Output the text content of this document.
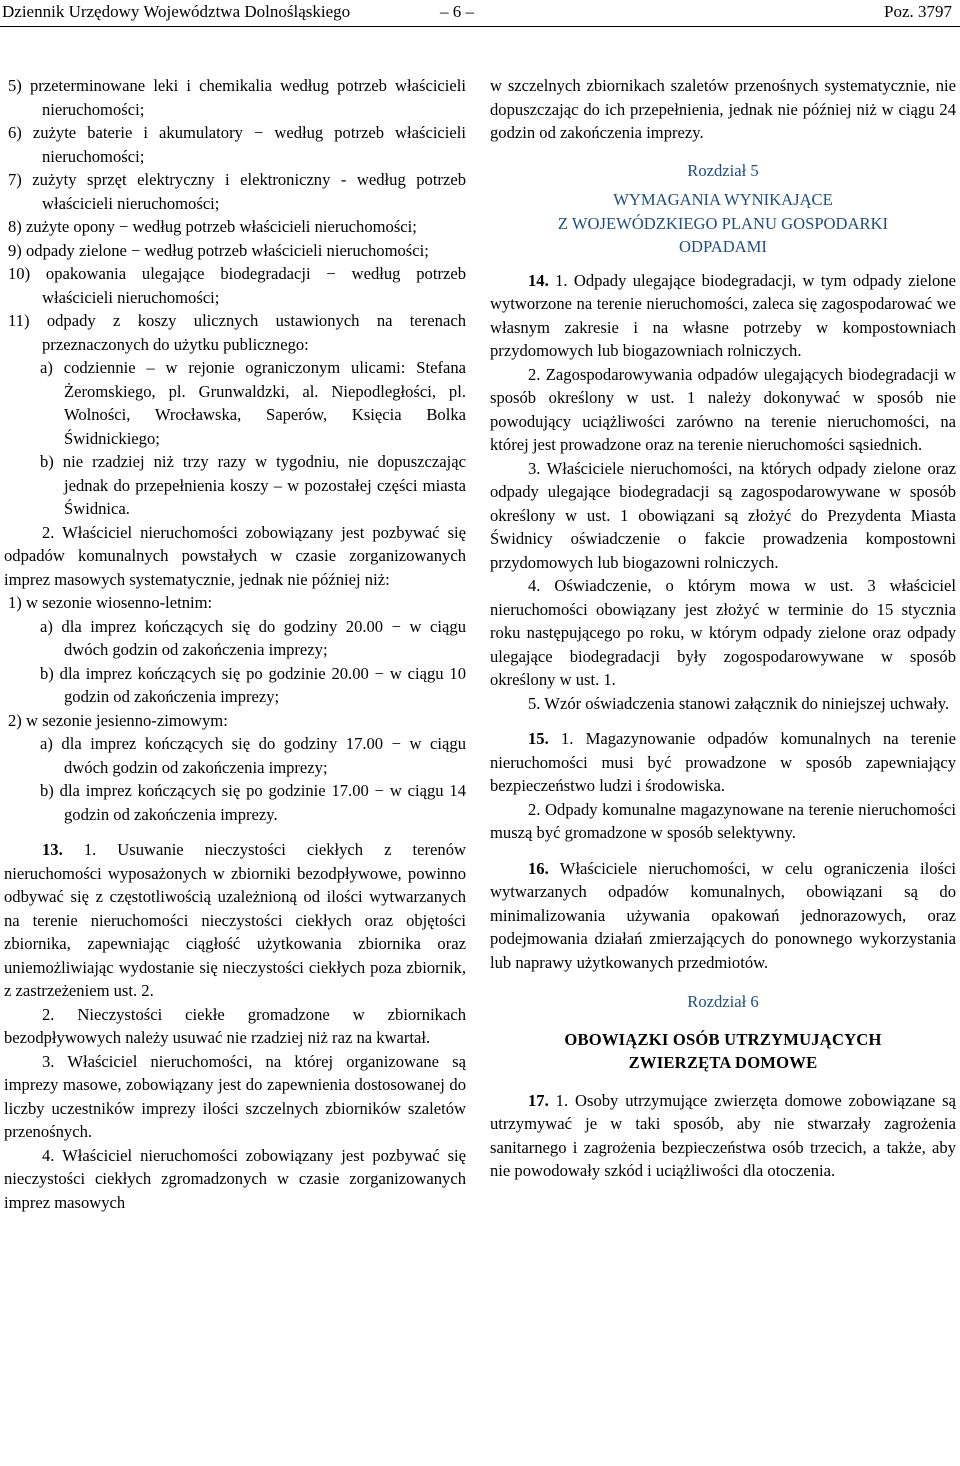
Dziennik Urzędowy Województwa Dolnośląskiego	– 6 –	Poz. 3797

5) przeterminowane leki i chemikalia według potrzeb właścicieli nieruchomości;

6) zużyte baterie i akumulatory − według potrzeb właścicieli nieruchomości;

7) zużyty sprzęt elektryczny i elektroniczny - według potrzeb właścicieli nieruchomości;

8) zużyte opony − według potrzeb właścicieli nieruchomości;

9) odpady zielone − według potrzeb właścicieli nieruchomości;

10) opakowania ulegające biodegradacji − według potrzeb właścicieli nieruchomości;

11) odpady z koszy ulicznych ustawionych na terenach przeznaczonych do użytku publicznego:

a) codziennie – w rejonie ograniczonym ulicami: Stefana Żeromskiego, pl. Grunwaldzki, al. Niepodległości, pl. Wolności, Wrocławska, Saperów, Księcia Bolka Świdnickiego;

b) nie rzadziej niż trzy razy w tygodniu, nie dopuszczając jednak do przepełnienia koszy – w pozostałej części miasta Świdnica.

2. Właściciel nieruchomości zobowiązany jest pozbywać się odpadów komunalnych powstałych w czasie zorganizowanych imprez masowych systematycznie, jednak nie później niż:

1) w sezonie wiosenno-letnim:

a) dla imprez kończących się do godziny 20.00 − w ciągu dwóch godzin od zakończenia imprezy;

b) dla imprez kończących się po godzinie 20.00 − w ciągu 10 godzin od zakończenia imprezy;

2) w sezonie jesienno-zimowym:

a) dla imprez kończących się do godziny 17.00 − w ciągu dwóch godzin od zakończenia imprezy;

b) dla imprez kończących się po godzinie 17.00 − w ciągu 14 godzin od zakończenia imprezy.

13. 1. Usuwanie nieczystości ciekłych z terenów nieruchomości wyposażonych w zbiorniki bezodpływowe, powinno odbywać się z częstotliwością uzależnioną od ilości wytwarzanych na terenie nieruchomości nieczystości ciekłych oraz objętości zbiornika, zapewniając ciągłość użytkowania zbiornika oraz uniemożliwiając wydostanie się nieczystości ciekłych poza zbiornik, z zastrzeżeniem ust. 2.

2. Nieczystości ciekłe gromadzone w zbiornikach bezodpływowych należy usuwać nie rzadziej niż raz na kwartał.

3. Właściciel nieruchomości, na której organizowane są imprezy masowe, zobowiązany jest do zapewnienia dostosowanej do liczby uczestników imprezy ilości szczelnych zbiorników szaletów przenośnych.

4. Właściciel nieruchomości zobowiązany jest pozbywać się nieczystości ciekłych zgromadzonych w czasie zorganizowanych imprez masowych

w szczelnych zbiornikach szaletów przenośnych systematycznie, nie dopuszczając do ich przepełnienia, jednak nie później niż w ciągu 24 godzin od zakończenia imprezy.

Rozdział 5

WYMAGANIA WYNIKAJĄCE

Z WOJEWÓDZKIEGO PLANU GOSPODARKI

ODPADAMI

14. 1. Odpady ulegające biodegradacji, w tym odpady zielone wytworzone na terenie nieruchomości, zaleca się zagospodarować we własnym zakresie i na własne potrzeby w kompostowniach przydomowych lub biogazowniach rolniczych.

2. Zagospodarowywania odpadów ulegających biodegradacji w sposób określony w ust. 1 należy dokonywać w sposób nie powodujący uciążliwości zarówno na terenie nieruchomości, na której jest prowadzone oraz na terenie nieruchomości sąsiednich.

3. Właściciele nieruchomości, na których odpady zielone oraz odpady ulegające biodegradacji są zagospodarowywane w sposób określony w ust. 1 obowiązani są złożyć do Prezydenta Miasta Świdnicy oświadczenie o fakcie prowadzenia kompostowni przydomowych lub biogazowni rolniczych.

4. Oświadczenie, o którym mowa w ust. 3 właściciel nieruchomości obowiązany jest złożyć w terminie do 15 stycznia roku następującego po roku, w którym odpady zielone oraz odpady ulegające biodegradacji były zogospodarowywane w sposób określony w ust. 1.

5. Wzór oświadczenia stanowi załącznik do niniejszej uchwały.

15. 1. Magazynowanie odpadów komunalnych na terenie nieruchomości musi być prowadzone w sposób zapewniający bezpieczeństwo ludzi i środowiska.

2. Odpady komunalne magazynowane na terenie nieruchomości muszą być gromadzone w sposób selektywny.

16. Właściciele nieruchomości, w celu ograniczenia ilości wytwarzanych odpadów komunalnych, obowiązani są do minimalizowania używania opakowań jednorazowych, oraz podejmowania działań zmierzających do ponownego wykorzystania lub naprawy użytkowanych przedmiotów.

Rozdział 6

OBOWIĄZKI OSÓB UTRZYMUJĄCYCH

ZWIERZĘTA DOMOWE

17. 1. Osoby utrzymujące zwierzęta domowe zobowiązane są utrzymywać je w taki sposób, aby nie stwarzały zagrożenia sanitarnego i zagrożenia bezpieczeństwa osób trzecich, a także, aby nie powodowały szkód i uciążliwości dla otoczenia.
